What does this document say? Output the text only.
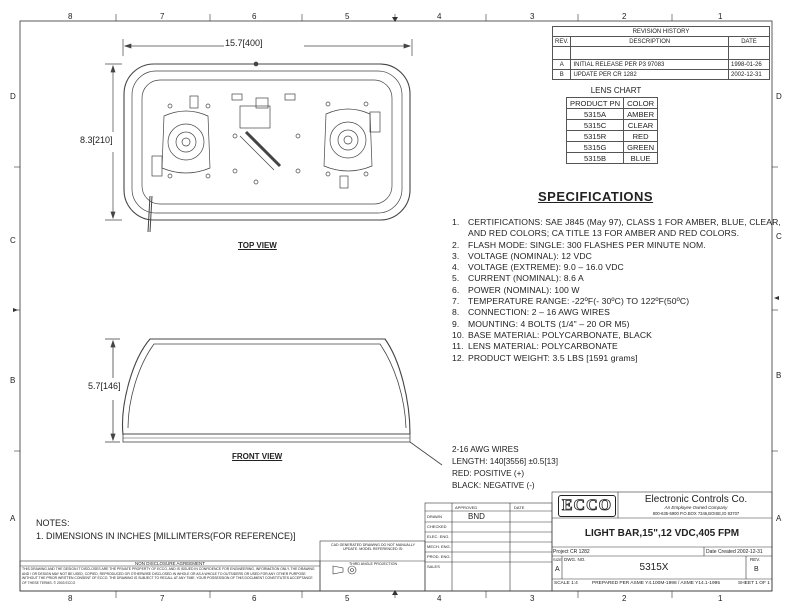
8	7	6	5	4	3	2	1
8	7	6	5	4	3	2	1
D
C
B
A
D
C
B
A
REVISION HISTORY		
REV.	DESCRIPTION	DATE

A	INITIAL RELEASE PER P3 97083	1998-01-26
B	UPDATE PER CR 1282	2002-12-31
LENS CHART
PRODUCT PN	COLOR
5315A	AMBER
5315C	CLEAR
5315R	RED
5315G	GREEN
5315B	BLUE
SPECIFICATIONS
1. CERTIFICATIONS: SAE J845 (May 97), CLASS 1 FOR AMBER, BLUE, CLEAR, AND RED COLORS; CA TITLE 13 FOR AMBER AND RED COLORS.
2. FLASH MODE: SINGLE: 300 FLASHES PER MINUTE NOM.
3. VOLTAGE (NOMINAL): 12 VDC
4. VOLTAGE (EXTREME): 9.0 – 16.0 VDC
5. CURRENT (NOMINAL): 8.6 A
6. POWER (NOMINAL): 100 W
7. TEMPERATURE RANGE: -22ºF(- 30ºC) TO 122ºF(50ºC)
8. CONNECTION: 2 – 16 AWG WIRES
9. MOUNTING: 4 BOLTS (1/4" – 20 OR M5)
10. BASE MATERIAL: POLYCARBONATE, BLACK
11. LENS MATERIAL: POLYCARBONATE
12. PRODUCT WEIGHT: 3.5 LBS [1591 grams]
15.7[400]
8.3[210]
TOP VIEW
5.7[146]
FRONT VIEW
2-16 AWG WIRES
LENGTH: 140[3556] ±0.5[13]
RED: POSITIVE (+)
BLACK: NEGATIVE (-)
NOTES:
1. DIMENSIONS IN INCHES [MILLIMTERS(FOR REFERENCE)]
NON DISCLOSURE AGREEMENT
THIS DRAWING AND THE DESIGN IT DISCLOSES ARE THE PRIVATE PROPERTY OF ECCO, AND IS ISSUED IN CONFIDENCE FOR ENGINEERING, INFORMATION ONLY. THE DRAWING AND / OR DESIGN MAY NOT BE USED, COPIED, REPRODUCED OR OTHERWISE DISCLOSED IN WHOLE OR AS A WHOLE TO OUTSIDERS OR USED FOR ANY OTHER PURPOSE WITHOUT THE PRIOR WRITTEN CONSENT OF ECCO. THE DRAWING IS SUBJECT TO RECALL AT ANY TIME. YOUR POSSESSION OF THIS DOCUMENT CONSTITUTES ACCEPTANCE OF THESE TERMS. © 2003 ECCO
CAD GENERATED DRAWING DO NOT MANUALLY UPDATE. MODEL REFERENCED IS:
THIRD ANGLE PROJECTION
APPROVED	DATE
DRAWN	BND
CHECKED
ELEC. ENG.
MECH. ENG.
PROD. ENG.
SALES
ECCO	Electronic Controls Co.
An Employee Owned Company
800-635-5900 P.O.BOX 7346,BOISE,ID 83707
LIGHT BAR,15",12 VDC,405 FPM
Project CR 1282	Date Created 2002-12-31
SIZE
A
DWG. NO.
5315X
REV.
B
SCALE 1:4	PREPARED PER ASME Y4.100M-1998 / ASME Y14.1-1995	SHEET 1 OF 1
